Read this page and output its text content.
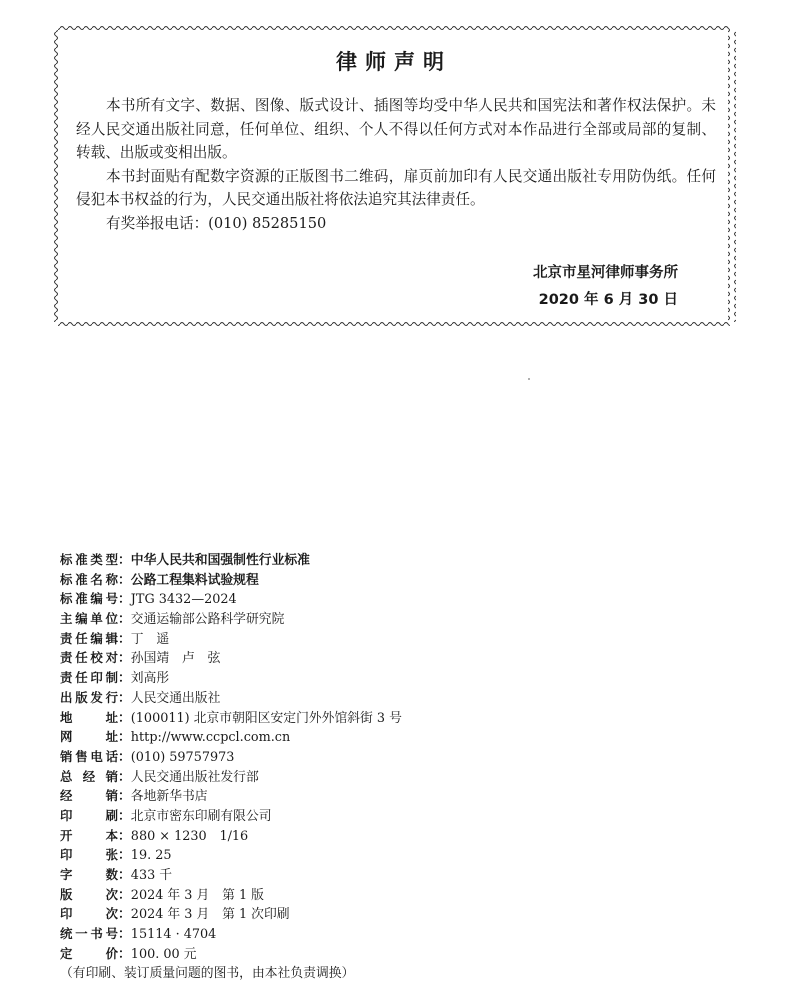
律师声明

本书所有文字、数据、图像、版式设计、插图等均受中华人民共和国宪法和著作权法保护。未经人民交通出版社同意，任何单位、组织、个人不得以任何方式对本作品进行全部或局部的复制、转载、出版或变相出版。

本书封面贴有配数字资源的正版图书二维码，扉页前加印有人民交通出版社专用防伪纸。任何侵犯本书权益的行为，人民交通出版社将依法追究其法律责任。

有奖举报电话：(010) 85285150

北京市星河律师事务所
2020 年 6 月 30 日
标准类型：中华人民共和国强制性行业标准
标准名称：公路工程集料试验规程
标准编号：JTG 3432—2024
主编单位：交通运输部公路科学研究院
责任编辑：丁　遥
责任校对：孙国靖　卢　弦
责任印制：刘高彤
出版发行：人民交通出版社
地址：(100011) 北京市朝阳区安定门外外馆斜街 3 号
网址：http://www.ccpcl.com.cn
销售电话：(010) 59757973
总经销：人民交通出版社发行部
经销：各地新华书店
印刷：北京市密东印刷有限公司
开本：880 × 1230　1/16
印张：19. 25
字数：433 千
版次：2024 年 3 月　第 1 版
印次：2024 年 3 月　第 1 次印刷
统一书号：15114 · 4704
定价：100. 00 元
（有印刷、装订质量问题的图书，由本社负责调换）
